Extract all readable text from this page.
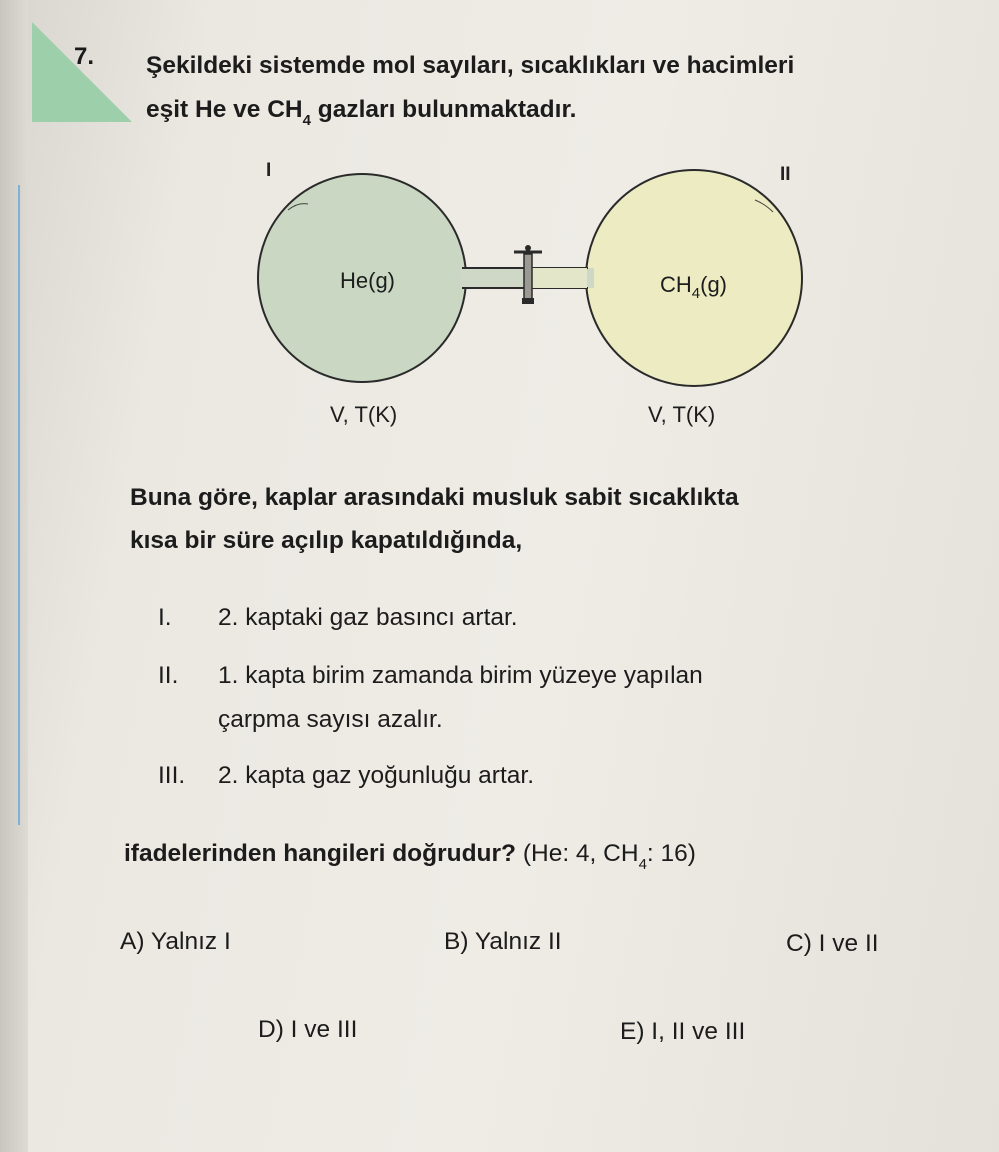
7. Şekildeki sistemde mol sayıları, sıcaklıkları ve hacimleri
eşit He ve $CH_4$ gazları bulunmaktadır.
I	II
He(g)	$CH_4(g)$
V, T(K)	V, T(K)
Buna göre, kaplar arasındaki musluk sabit sıcaklıkta
kısa bir süre açılıp kapatıldığında,
I. 2. kaptaki gaz basıncı artar.
II. 1. kapta birim zamanda birim yüzeye yapılan
çarpma sayısı azalır.
III. 2. kapta gaz yoğunluğu artar.
ifadelerinden hangileri doğrudur? (He: 4, $CH_4$: 16)
A) Yalnız I	B) Yalnız II	C) I ve II
D) I ve III	E) I, II ve III
